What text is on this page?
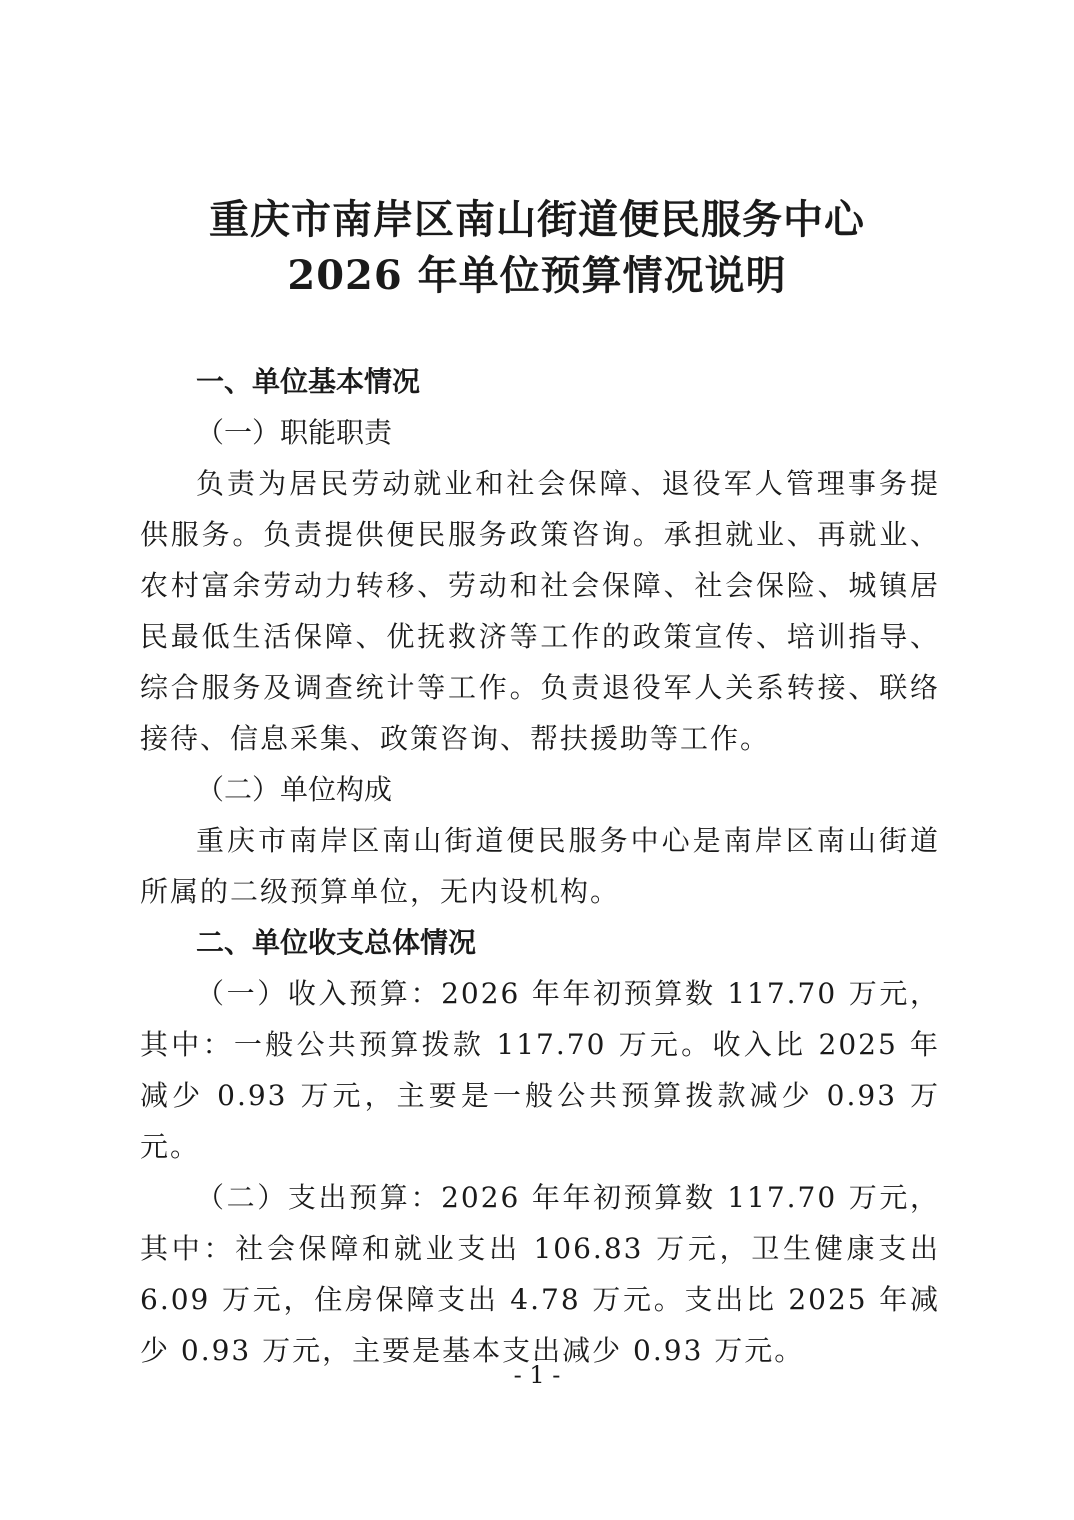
重庆市南岸区南山街道便民服务中心
2026 年单位预算情况说明

一、单位基本情况

（一）职能职责

负责为居民劳动就业和社会保障、退役军人管理事务提供服务。负责提供便民服务政策咨询。承担就业、再就业、农村富余劳动力转移、劳动和社会保障、社会保险、城镇居民最低生活保障、优抚救济等工作的政策宣传、培训指导、综合服务及调查统计等工作。负责退役军人关系转接、联络接待、信息采集、政策咨询、帮扶援助等工作。

（二）单位构成

重庆市南岸区南山街道便民服务中心是南岸区南山街道所属的二级预算单位，无内设机构。

二、单位收支总体情况

（一）收入预算：2026 年年初预算数 117.70 万元，其中：一般公共预算拨款 117.70 万元。收入比 2025 年减少 0.93 万元，主要是一般公共预算拨款减少 0.93 万元。

（二）支出预算：2026 年年初预算数 117.70 万元，其中：社会保障和就业支出 106.83 万元，卫生健康支出 6.09 万元，住房保障支出 4.78 万元。支出比 2025 年减少 0.93 万元，主要是基本支出减少 0.93 万元。

- 1 -
